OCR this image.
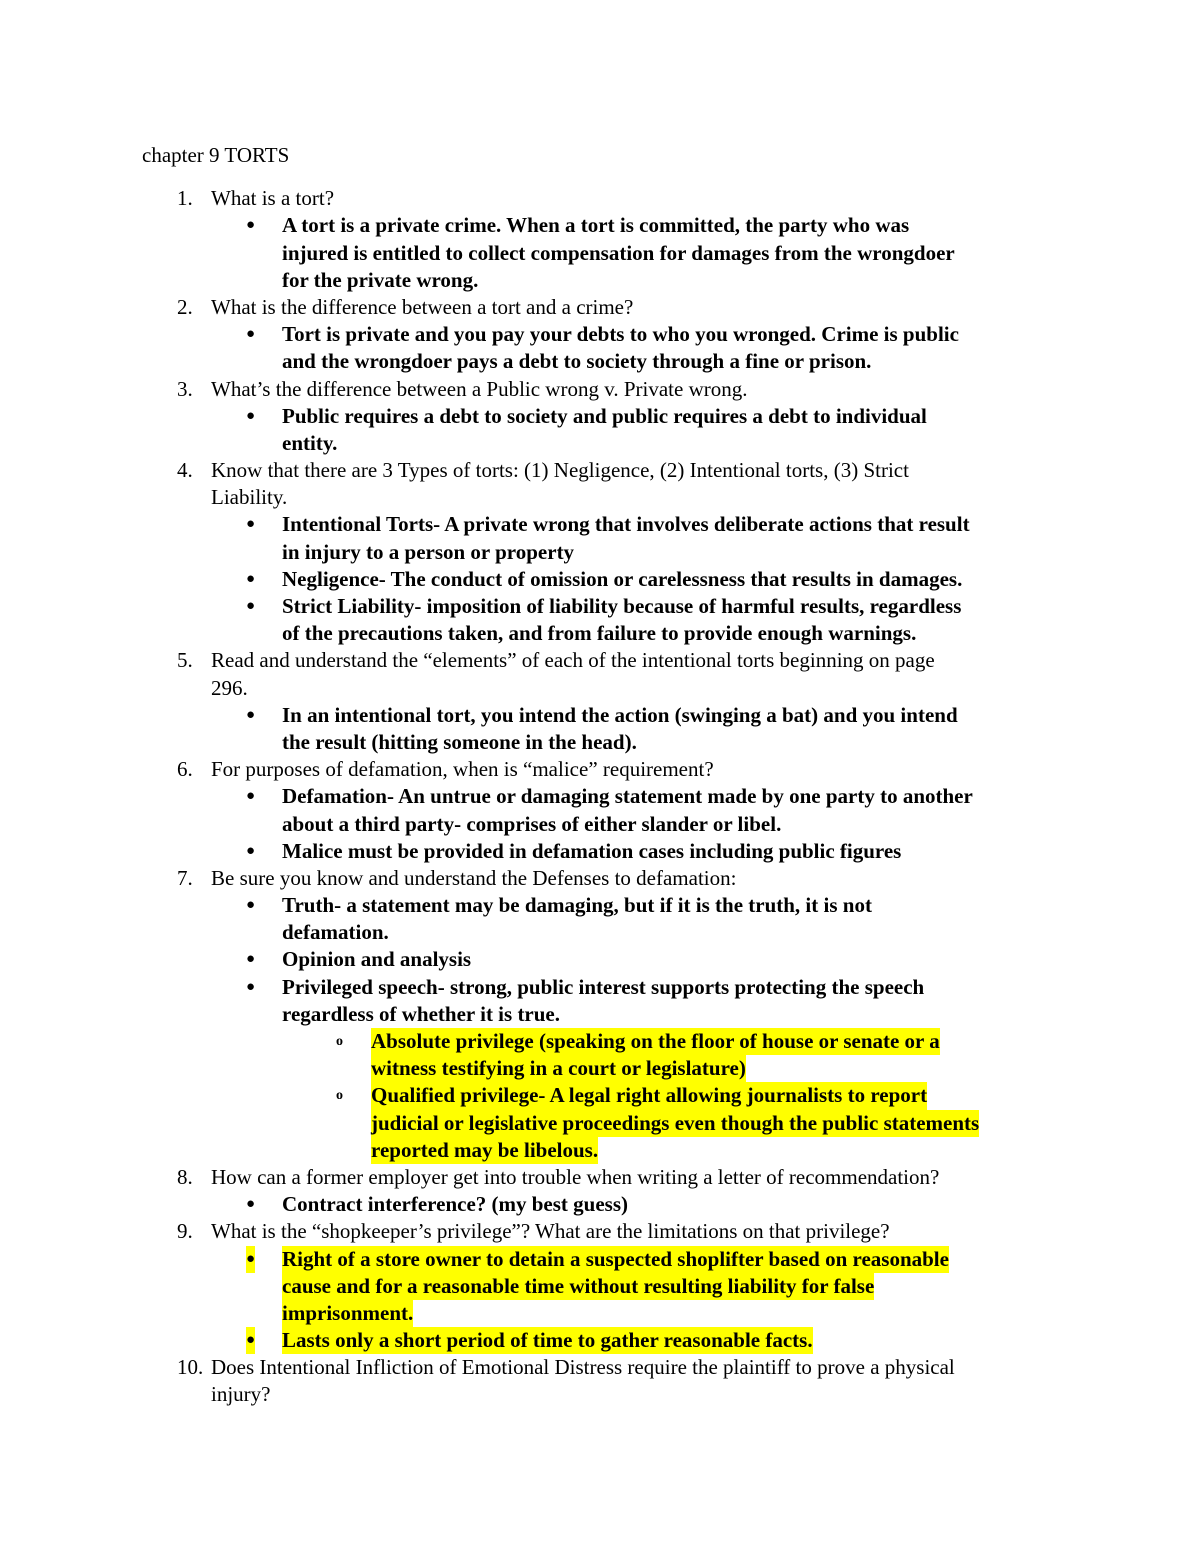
chapter 9 TORTS
1. What is a tort?
● A tort is a private crime. When a tort is committed, the party who was
injured is entitled to collect compensation for damages from the wrongdoer
for the private wrong.
2. What is the difference between a tort and a crime?
● Tort is private and you pay your debts to who you wronged. Crime is public
and the wrongdoer pays a debt to society through a fine or prison.
3. What’s the difference between a Public wrong v. Private wrong.
● Public requires a debt to society and public requires a debt to individual
entity.
4. Know that there are 3 Types of torts: (1) Negligence, (2) Intentional torts, (3) Strict
Liability.
● Intentional Torts- A private wrong that involves deliberate actions that result
in injury to a person or property
● Negligence- The conduct of omission or carelessness that results in damages.
● Strict Liability- imposition of liability because of harmful results, regardless
of the precautions taken, and from failure to provide enough warnings.
5. Read and understand the “elements” of each of the intentional torts beginning on page
296.
● In an intentional tort, you intend the action (swinging a bat) and you intend
the result (hitting someone in the head).
6. For purposes of defamation, when is “malice” requirement?
● Defamation- An untrue or damaging statement made by one party to another
about a third party- comprises of either slander or libel.
● Malice must be provided in defamation cases including public figures
7. Be sure you know and understand the Defenses to defamation:
● Truth- a statement may be damaging, but if it is the truth, it is not
defamation.
● Opinion and analysis
● Privileged speech- strong, public interest supports protecting the speech
regardless of whether it is true.
o Absolute privilege (speaking on the floor of house or senate or a
witness testifying in a court or legislature)
o Qualified privilege- A legal right allowing journalists to report
judicial or legislative proceedings even though the public statements
reported may be libelous.
8. How can a former employer get into trouble when writing a letter of recommendation?
● Contract interference? (my best guess)
9. What is the “shopkeeper’s privilege”? What are the limitations on that privilege?
● Right of a store owner to detain a suspected shoplifter based on reasonable
cause and for a reasonable time without resulting liability for false
imprisonment.
● Lasts only a short period of time to gather reasonable facts.
10. Does Intentional Infliction of Emotional Distress require the plaintiff to prove a physical
injury?
